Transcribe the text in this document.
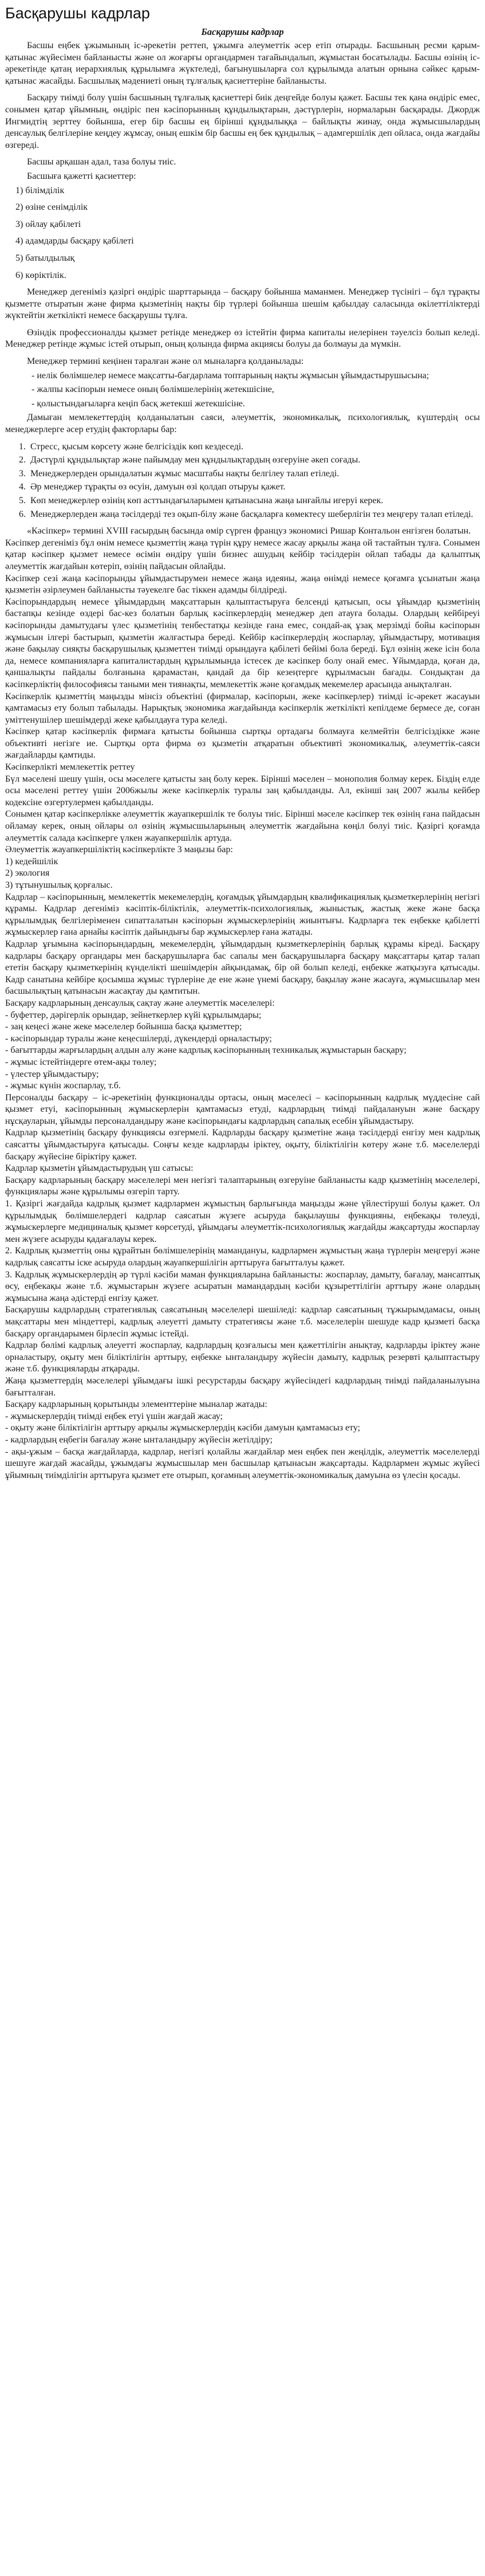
Басқарушы кадрлар
Басқарушы кадрлар

Басшы еңбек ұжымының іс-әрекетін реттеп, ұжымға әлеуметтік әсер етіп отырады. Басшының ресми қарым-қатынас жүйесімен байланысты және ол жоғарғы органдармен тағайындалып, жұмыстан босатылады. Басшы өзінің іс-әрекетінде қатаң иерархиялық құрылымға жүктеледі, бағынушыларға сол құрылымда алатын орнына сәйкес қарым-қатынас жасайды. Басшылық мәдениеті оның тұлғалық қасиеттеріне байланысты.

Басқару тиімді болу үшін басшының тұлғалық қасиеттері биік деңгейде болуы қажет. Басшы тек қана өндіріс емес, сонымен қатар ұйымның, өндіріс пен кәсіпорынның құндылықтарын, дәстүрлерін, нормаларын басқарады. Джордж Ингмидтің зерттеу бойынша, егер бір басшы ең бірінші құндылыққа – байлықты жинау, онда жұмысшылардың денсаулық белгілеріне кеңдеу жұмсау, оның ешкім бір басшы ең бек құндылық – адамгершілік деп ойласа, онда жағдайы өзгереді.

Басшы арқашан адал, таза болуы тиіс.

Басшыға қажетті қасиеттер:

1) білімділік

2) өзіне сенімділік

3) ойлау қабілеті

4) адамдарды басқару қабілеті

5) батылдылық

6) көріктілік.

Менеджер дегеніміз қазіргі өндіріс шарттарында – басқару бойынша маманмен. Менеджер түсінігі – бұл тұрақты қызметте отыратын және фирма қызметінің нақты бір түрлері бойынша шешім қабылдау саласында өкілеттіліктерді жүктейтін жеткілікті немесе басқарушы тұлға.

Өзіндік профессионалды қызмет ретінде менеджер өз істейтін фирма капиталы иелерінен тәуелсіз болып келеді. Менеджер ретінде жұмыс істей отырып, оның қолында фирма акциясы болуы да болмауы да мүмкін.

Менеджер термині кеңінен таралған және ол мыналарға қолданылады:

- иелік бөлімшелер немесе мақсатты-бағдарлама топтарының нақты жұмысын ұйымдастырушысына;

- жалпы кәсіпорын немесе оның бөлімшелерінің жетекшісіне,

- қолыстындағыларға кеңіп басқ жетекші жетекшісіне.

Дамыған мемлекеттердің қолданылатын саяси, әлеуметтік, экономикалық, психологиялық, күштердің осы менеджерлерге әсер етудің факторлары бар:

1. Стресс, қысым көрсету және белгісіздік көп кездеседі.
2. Дәстүрлі құндылықтар және пайымдау мен құндылықтардың өзгеруіне әкеп соғады.
3. Менеджерлерден орындалатын жұмыс масштабы нақты белгілеу талап етіледі.
4. Әр менеджер тұрақты өз өсуін, дамуын өзі қолдап отыруы қажет.
5. Көп менеджерлер өзінің көп асттындағыларымен қатынасына жаңа ынғайлы игеруі керек.
6. Менеджерлерден жаңа тәсілдерді тез оқып-білу және басқаларға көмектесу шеберлігін тез меңгеру талап етіледі.

«Кәсіпкер» термині XVIII ғасырдың басында өмір сүрген француз экономисі Ришар Контальон енгізген болатын.

Кәсіпкер дегеніміз бұл өнім немесе қызметтің жаңа түрін құру немесе жасау арқылы жаңа ой тастайтын тұлға. Сонымен қатар кәсіпкер қызмет немесе өсімін өндіру үшін бизнес ашудың кейбір тәсілдерін ойлап табады да қалыптық әлеуметтік жағдайын көтеріп, өзінің пайдасын ойлайды.

Кәсіпкер сезі жаңа кәсіпорынды ұйымдастырумен немесе жаңа идеяны, жаңа өнімді немесе қоғамға ұсынатын жаңа қызметін әзірлеумен байланысты тәуекелге бас тіккен адамды білдіреді.

Кәсіпорындардың немесе ұйымдардың мақсаттарын қалыптастыруға белсенді қатысып, осы ұйымдар қызметінің бастапқы кезінде өздері бас-кез болатын барлық кәсіпкерлердің менеджер деп атауға болады. Олардың кейбіреуі кәсіпорынды дамытудағы үлес қызметінің тенбестатқы кезінде ғана емес, сондай-ақ ұзақ мерзімді бойы кәсіпорын жұмысын ілгері бастырып, қызметін жалғастыра береді. Кейбір кәсіпкерлердің жоспарлау, ұйымдастыру, мотивация және бақылау сияқты басқарушылық қызметтен тиімді орындауға қабілеті бейімі бола береді. Бұл өзінің жеке ісін бола да, немесе компанияларға капиталистардың құрылымында істесек де кәсіпкер болу онай емес. Ұйымдарда, қоған да, қаншалықты пайдалы болғанына қарамастан, қандай да бір кезеңтерге құрылмасын бағады. Сондықтан да кәсіпкерліктің философиясы таными мен тиянақты, мемлекеттік және қоғамдық мекемелер арасында анықталған.

Кәсіпкерлік қызметтің маңызды мінсіз объектіні (фирмалар, кәсіпорын, жеке кәсіпкерлер) тиімді іс-әрекет жасауын қамтамасыз ету болып табылады. Нарықтық экономика жағдайында кәсіпкерлік жеткілікті кепілдеме бермесе де, соған уміттенушілер шешімдерді жеке қабылдауға тура келеді.

Кәсіпкер қатар кәсіпкерлік фирмаға қатысты бойынша сыртқы ортадағы болмауға келмейтін белгісіздікке және объективті негізге ие. Сыртқы орта фирма өз қызметін атқаратын объективті экономикалық, әлеуметтік-саяси жағдайларды қамтиды.

Кәсіпкерлікті мемлекеттік реттеу

Бүл мәселені шешу үшін, осы мәселеге қатысты заң болу керек. Бірінші мәселен – монополия болмау керек. Біздің елде осы мәселені реттеу үшін 2006жылы жеке кәсіпкерлік туралы заң қабылданды. Ал, екінші заң 2007 жылы кейбер кодексіне өзгертулермен қабылданды.

Сонымен қатар кәсіпкерлікке әлеуметтік жауапкершілік те болуы тиіс. Бірінші мәселе кәсіпкер тек өзінің ғана пайдасын ойламау керек, оның ойлары ол өзінің жұмысшыларының әлеуметтік жағдайына көңіл бөлуі тиіс. Қазіргі қоғамда әлеуметтік салада кәсіпкерге үлкен жауапкершілік артуда.

Әлеуметтік жауапкершіліктің кәсіпкерлікте 3 маңызы бар:

1) кедейшілік

2) экология

3) тұтынушылық қорғалыс.

Кадрлар – кәсіпорынның, мемлекеттік мекемелердің, қоғамдық ұйымдардың квалификациялық қызметкерлерінің негізгі құрамы. Кадрлар дегеніміз кәсіптік-біліктілік, әлеуметтік-психологиялық, жыныстық, жастық жеке және басқа құрылымдық белгілеріменен сипатталатын кәсіпорын жұмыскерлерінің жиынтығы. Кадрларға тек еңбекке қабілетті жұмыскерлер ғана арнайы кәсіптік дайындығы бар жұмыскерлер ғана жатады.

Кадрлар ұғымына кәсіпорындардың, мекемелердің, ұйымдардың қызметкерлерінің барлық құрамы кіреді. Басқару кадрлары басқару органдары мен басқарушыларға бас сапалы мен басқарушыларға басқару мақсаттары қатар талап ететін басқару қызметкерінің күнделікті шешімдерін айқындамақ, бір ой болып келеді, еңбекке жатқызуға қатысады. Кадр санатына кейбіре қосымша жұмыс түрлеріне де ене және үнемі басқару, бақылау және жасауға, жұмысшылар мен басшылықтың қатынасын жасақтау ды қамтитын.

Басқару кадрларының денсаулық сақтау және әлеуметтік мәселелері:

- буфеттер, дәрігерлік орындар, зейнеткерлер күйі құрылымдары;

- заң кеңесі және жеке мәселелер бойынша басқа қызметтер;

- кәсіпорындар туралы және кеңесшілерді, дүкендерді орналастыру;

- бағыттарды жарғылардың алдын алу және кадрлық кәсіпорынның техникалық жұмыстарын басқару;

- жұмыс істейтіндерге өтем-ақы төлеу;

- үлестер ұйымдастыру;

- жұмыс күнін жоспарлау, т.б.

Персоналды басқару – іс-әрекетінің функционалды ортасы, оның мәселесі – кәсіпорынның кадрлық мүддесіне сай қызмет етуі, кәсіпорынның жұмыскерлерін қамтамасыз етуді, кадрлардың тиімді пайдалануын және басқару нұсқауларын, ұйымды персоналдандыру және кәсіпорындағы кадрлардың сапалық есебін ұйымдастыру.

Кадрлар қызметінің басқару функциясы өзгермелі. Кадрларды басқару қызметіне жаңа тәсілдерді енгізу мен кадрлық саясатты ұйымдастыруға қатысады. Соңғы кезде кадрларды іріктеу, оқыту, біліктілігін көтеру және т.б. мәселелерді басқару жүйесіне біріктіру қажет.

Кадрлар қызметін ұйымдастырудың үш сатысы:

Басқару кадрларының басқару мәселелері мен негізгі талаптарының өзгеруіне байланысты кадр қызметінің мәселелері, функциялары және құрылымы өзгеріп тарту.

1. Қазіргі жағдайда кадрлық қызмет кадрлармен жұмыстың барлығында маңызды және үйлестіруші болуы қажет. Ол құрылымдық бөлімшелердегі кадрлар саясатын жүзеге асыруда бақылаушы функцияны, еңбекақы төлеуді, жұмыскерлерге медициналық қызмет көрсетуді, ұйымдағы әлеуметтік-психологиялық жағдайды жақсартуды жоспарлау мен жүзеге асыруды қадағалауы керек.

2. Кадрлық қызметтің оны құрайтын бөлімшелерінің мамандануы, кадрлармен жұмыстың жаңа түрлерін меңгеруі және кадрлық саясатты іске асыруда олардың жауапкершілігін арттыруға бағытталуы қажет.

3. Кадрлық жұмыскерлердің әр түрлі кәсіби маман функцияларына байланысты: жоспарлау, дамыту, бағалау, мансаптық өсу, еңбекақы және т.б. жұмыстарын жүзеге асыратын мамандардың кәсіби құзыреттілігін арттыру және олардың жұмысына жаңа әдістерді енгізу қажет.

Басқарушы кадрлардың стратегиялық саясатының мәселелері шешіледі: кадрлар саясатының тұжырымдамасы, оның мақсаттары мен міндеттері, кадрлық әлеуетті дамыту стратегиясы және т.б. мәселелерін шешуде кадр қызметі басқа басқару органдарымен бірлесіп жұмыс істейді.

Кадрлар бөлімі кадрлық әлеуетті жоспарлау, кадрлардың қозғалысы мен қажеттілігін анықтау, кадрларды іріктеу және орналастыру, оқыту мен біліктілігін арттыру, еңбекке ынталандыру жүйесін дамыту, кадрлық резервті қалыптастыру және т.б. функцияларды атқарады.

Жаңа қызметтердің мәселелері ұйымдағы ішкі ресурстарды басқару жүйесіндегі кадрлардың тиімді пайдаланылуына бағытталған.

Басқару кадрларының қорытынды элементтеріне мыналар жатады:

- жұмыскерлердің тиімді еңбек етуі үшін жағдай жасау;

- оқыту және біліктілігін арттыру арқылы жұмыскерлердің кәсіби дамуын қамтамасыз ету;

- кадрлардың еңбегін бағалау және ынталандыру жүйесін жетілдіру;

- ақы-ұжым – басқа жағдайларда, кадрлар, негізгі қолайлы жағдайлар мен еңбек пен жеңілдік, әлеуметтік мәселелерді шешуге жағдай жасайды, ұжымдағы жұмысшылар мен басшылар қатынасын жақсартады. Кадрлармен жұмыс жүйесі ұйымның тиімділігін арттыруға қызмет ете отырып, қоғамның әлеуметтік-экономикалық дамуына өз үлесін қосады.
